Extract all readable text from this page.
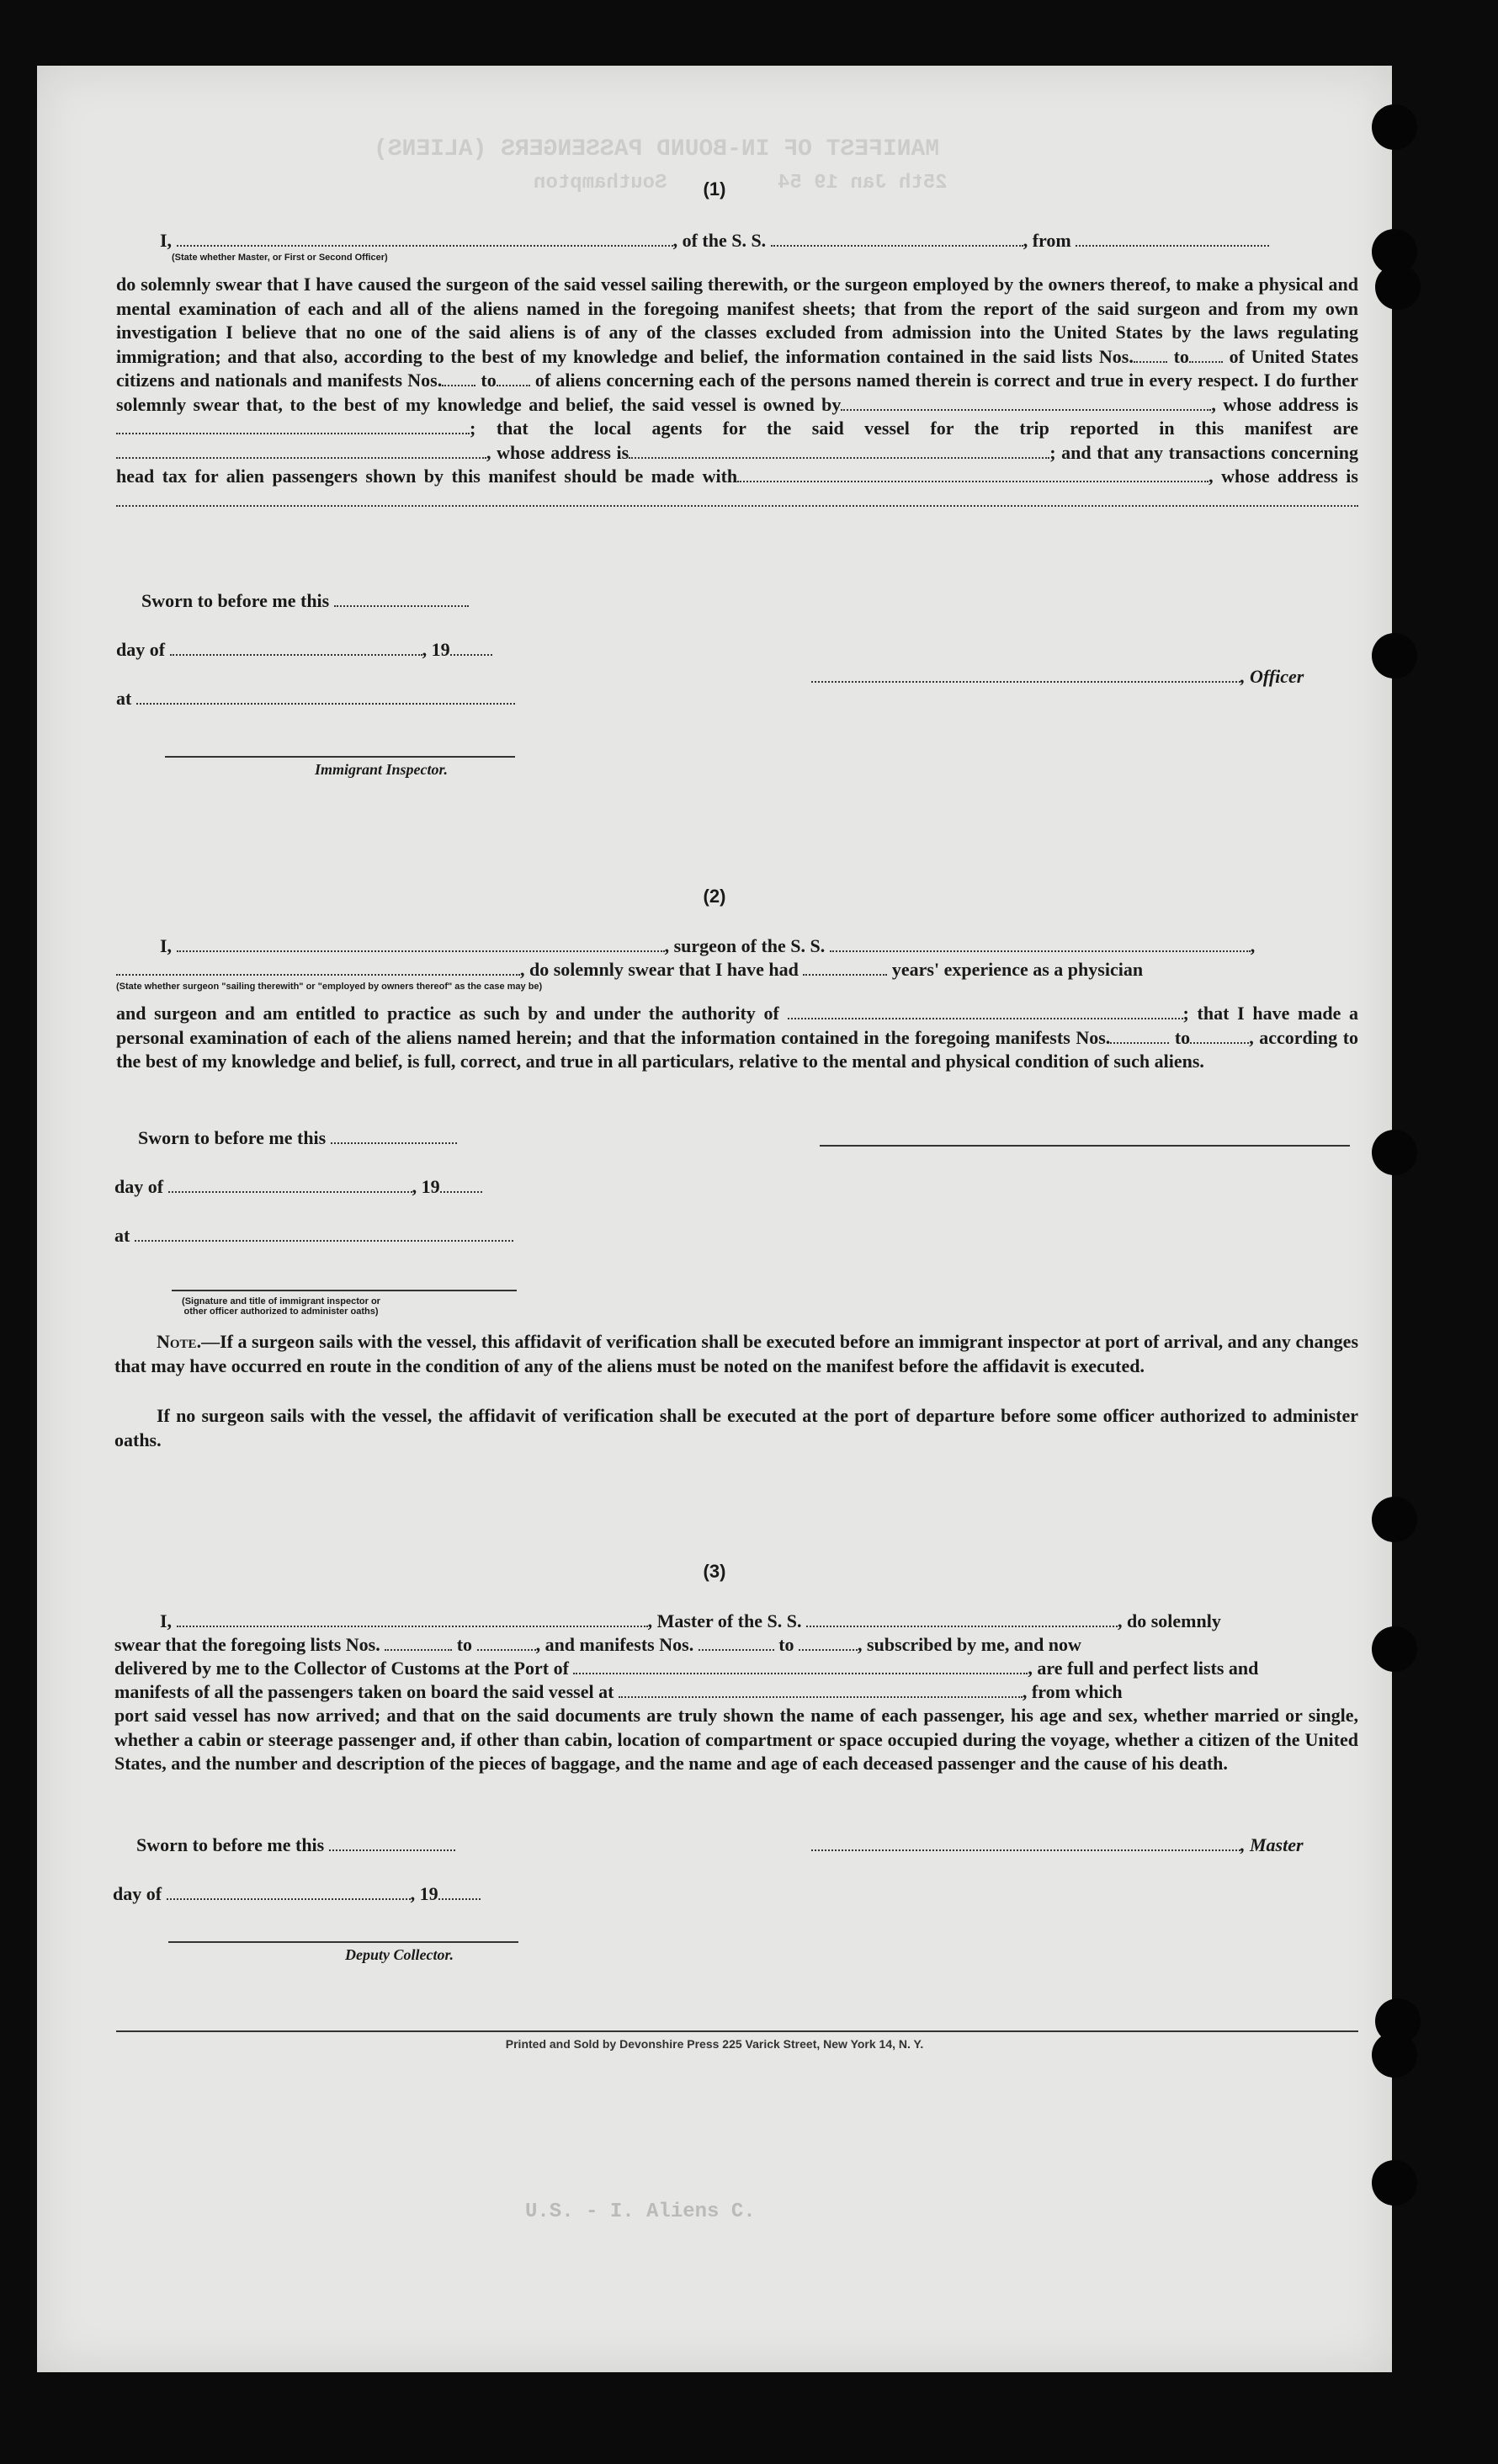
MANIFEST OF IN-BOUND PASSENGERS (ALIENS)
Southampton	25th Jan 19 54
(1)
I,	, of the S. S.	, from
(State whether Master, or First or Second Officer)
do solemnly swear that I have caused the surgeon of the said vessel sailing therewith, or the surgeon employed by the owners thereof, to make a physical and mental examination of each and all of the aliens named in the foregoing manifest sheets; that from the report of the said surgeon and from my own investigation I believe that no one of the said aliens is of any of the classes excluded from admission into the United States by the laws regulating immigration; and that also, according to the best of my knowledge and belief, the information contained in the said lists Nos. to of United States citizens and nationals and manifests Nos. to of aliens concerning each of the persons named therein is correct and true in every respect. I do further solemnly swear that, to the best of my knowledge and belief, the said vessel is owned by	, whose address is; that the local agents for the said vessel for the trip reported in this manifest are, whose address is	; and that any transactions concerning head tax for alien passengers shown by this manifest should be made with	, whose address is
Sworn to before me this
day of	, 19
at
, Officer
Immigrant Inspector.
(2)
I,	, surgeon of the S. S.	,
, do solemnly swear that I have had	years' experience as a physician
(State whether surgeon "sailing therewith" or "employed by owners thereof" as the case may be)
and surgeon and am entitled to practice as such by and under the authority of	; that I have made a personal examination of each of the aliens named herein; and that the information contained in the foregoing manifests Nos.	to	, according to the best of my knowledge and belief, is full, correct, and true in all particulars, relative to the mental and physical condition of such aliens.
Sworn to before me this
day of	, 19
at
(Signature and title of immigrant inspector or other officer authorized to administer oaths)
Note.—If a surgeon sails with the vessel, this affidavit of verification shall be executed before an immigrant inspector at port of arrival, and any changes that may have occurred en route in the condition of any of the aliens must be noted on the manifest before the affidavit is executed.
If no surgeon sails with the vessel, the affidavit of verification shall be executed at the port of departure before some officer authorized to administer oaths.
(3)
I,	, Master of the S. S.	, do solemnly
swear that the foregoing lists Nos.	to	, and manifests Nos.	to	, subscribed by me, and now
delivered by me to the Collector of Customs at the Port of	, are full and perfect lists and
manifests of all the passengers taken on board the said vessel at	, from which
port said vessel has now arrived; and that on the said documents are truly shown the name of each passenger, his age and sex, whether married or single, whether a cabin or steerage passenger and, if other than cabin, location of compartment or space occupied during the voyage, whether a citizen of the United States, and the number and description of the pieces of baggage, and the name and age of each deceased passenger and the cause of his death.
Sworn to before me this	, Master
day of	, 19
Deputy Collector.
Printed and Sold by Devonshire Press 225 Varick Street, New York 14, N. Y.
U.S. - I. Aliens C.
